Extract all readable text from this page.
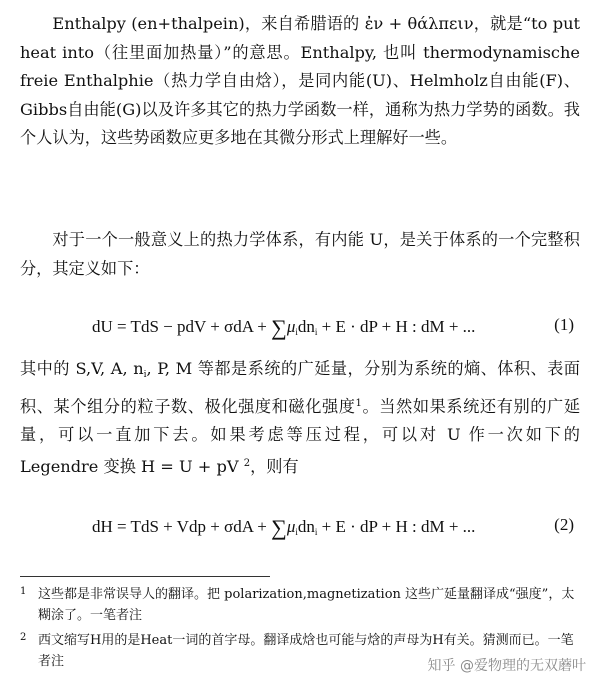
Enthalpy (en+thalpein)，来自希腊语的 ἐν + θάλπειν，就是“to put heat into（往里面加热量）”的意思。Enthalpy, 也叫 thermodynamische freie Enthalphie（热力学自由焓），是同内能(U)、Helmholz自由能(F)、Gibbs自由能(G)以及许多其它的热力学函数一样，通称为热力学势的函数。我个人认为，这些势函数应更多地在其微分形式上理解好一些。

对于一个一般意义上的热力学体系，有内能 U，是关于体系的一个完整积分，其定义如下：

dU = TdS − pdV + $\sigma dA + \sum\mu_idn_i + E$ · dP + H : dM + ...	(1)

其中的 S,V, A, $n_i$, P, M 等都是系统的广延量，分别为系统的熵、体积、表面积、某个组分的粒子数、极化强度和磁化强度$^1$。当然如果系统还有别的广延量，可以一直加下去。如果考虑等压过程，可以对 U 作一次如下的 Legendre 变换 H = U + pV $^2$，则有

dH = TdS + Vdp + $\sigma dA + \sum\mu_idn_i + E$ · dP + H : dM + ...	(2)
1 这些都是非常误导人的翻译。把 polarization,magnetization 这些广延量翻译成“强度”，太糊涂了。一笔者注
2 西文缩写H用的是Heat一词的首字母。翻译成焓也可能与焓的声母为H有关。猜测而已。一笔者注	知乎 @爱物理的无双蘑叶
